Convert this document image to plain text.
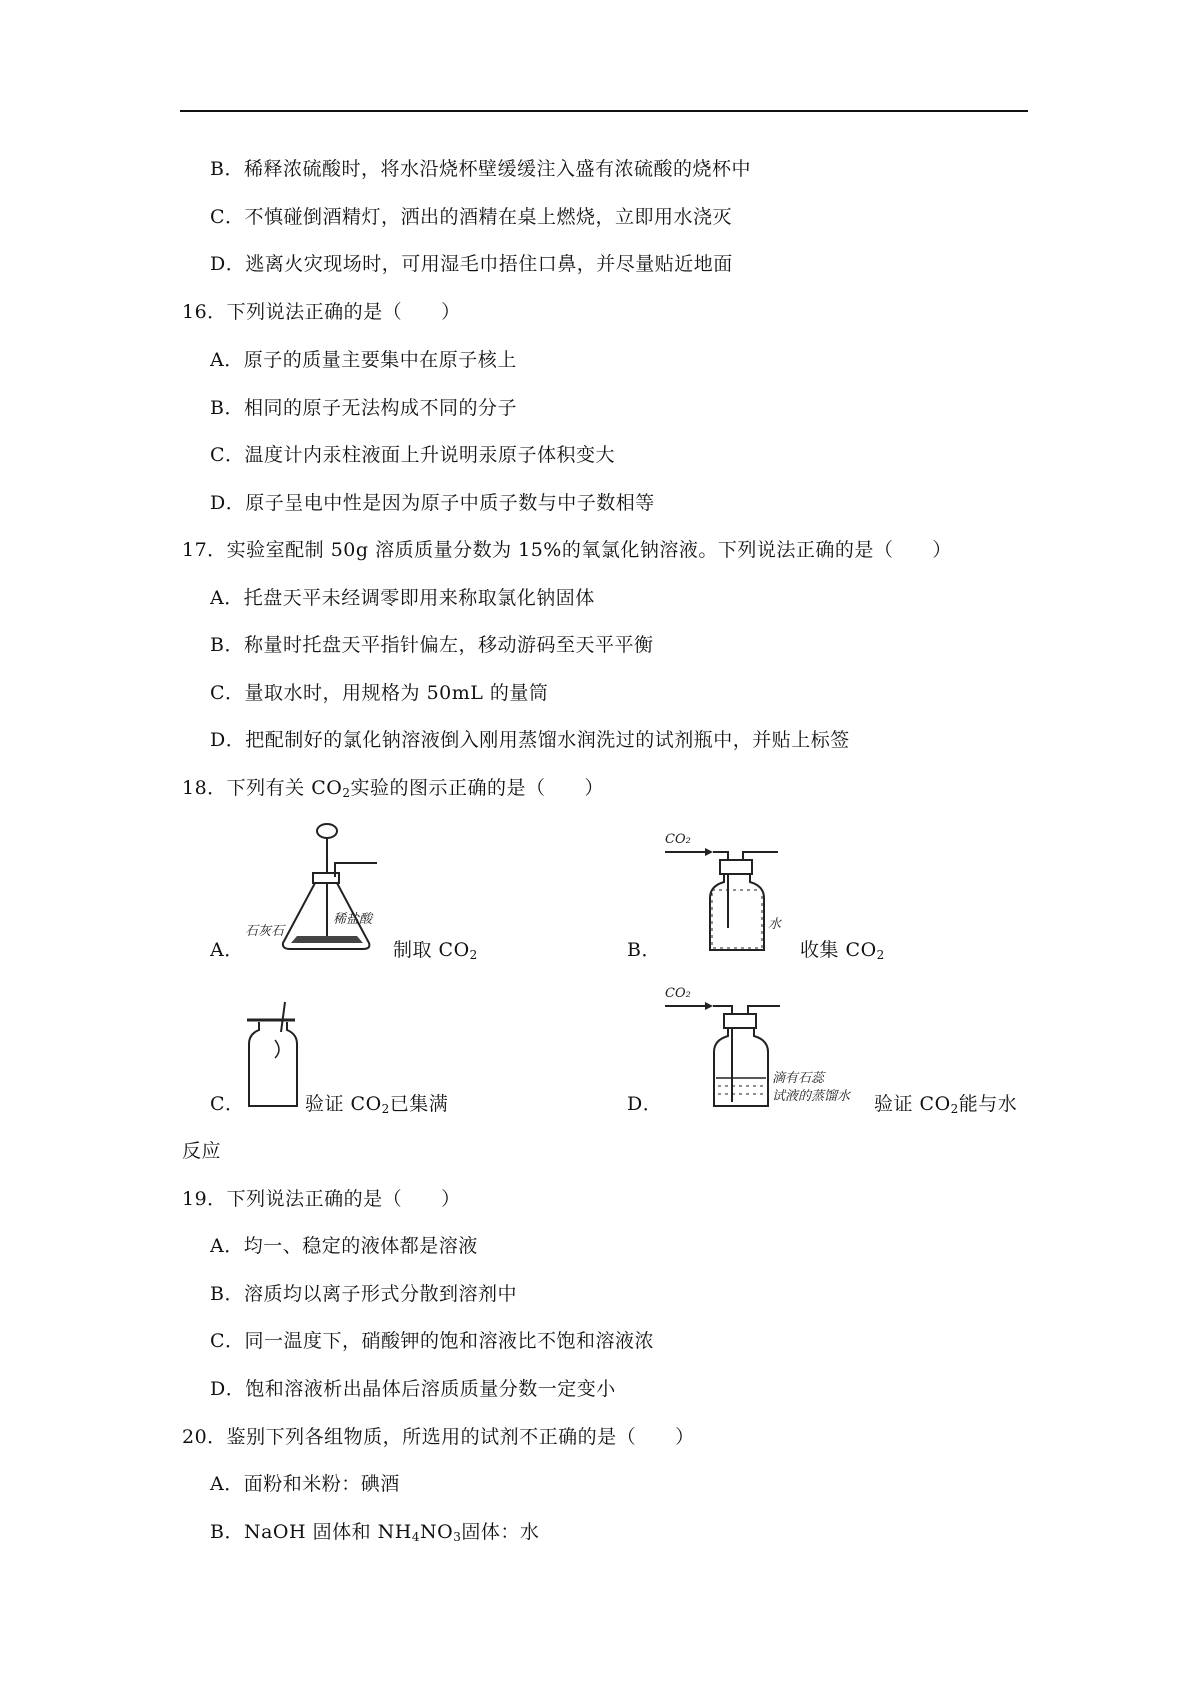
B．稀释浓硫酸时，将水沿烧杯壁缓缓注入盛有浓硫酸的烧杯中
C．不慎碰倒酒精灯，洒出的酒精在桌上燃烧，立即用水浇灭
D．逃离火灾现场时，可用湿毛巾捂住口鼻，并尽量贴近地面
16．下列说法正确的是（　　）
A．原子的质量主要集中在原子核上
B．相同的原子无法构成不同的分子
C．温度计内汞柱液面上升说明汞原子体积变大
D．原子呈电中性是因为原子中质子数与中子数相等
17．实验室配制 50g 溶质质量分数为 15%的氧氯化钠溶液。下列说法正确的是（　　）
A．托盘天平未经调零即用来称取氯化钠固体
B．称量时托盘天平指针偏左，移动游码至天平平衡
C．量取水时，用规格为 50mL 的量筒
D．把配制好的氯化钠溶液倒入刚用蒸馏水润洗过的试剂瓶中，并贴上标签
18．下列有关 $CO_2$实验的图示正确的是（　　）
A．
石灰石
稀盐酸
制取 $CO_2$	B．
CO₂
水
收集 $CO_2$
C．	验证 $CO_2$已集满	D．
CO₂
滴有石蕊
试液的蒸馏水 验证 $CO_2$能与水
反应
19．下列说法正确的是（　　）
A．均一、稳定的液体都是溶液
B．溶质均以离子形式分散到溶剂中
C．同一温度下，硝酸钾的饱和溶液比不饱和溶液浓
D．饱和溶液析出晶体后溶质质量分数一定变小
20．鉴别下列各组物质，所选用的试剂不正确的是（　　）
A．面粉和米粉：碘酒
B．NaOH 固体和 $NH_4NO_3$固体：水
